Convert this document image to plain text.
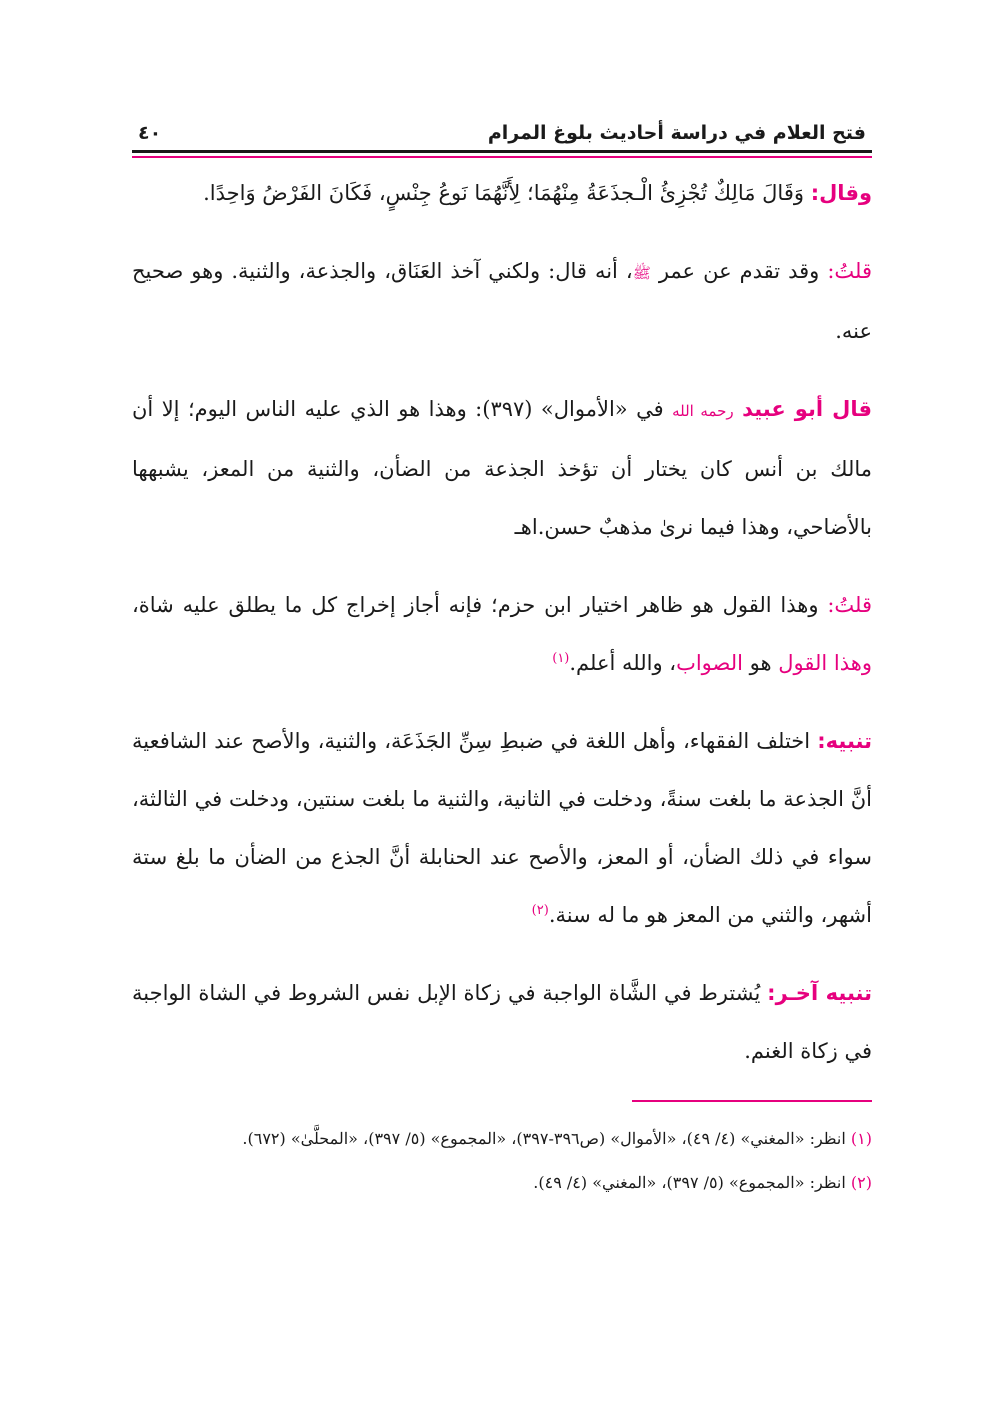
فتح العلام في دراسة أحاديث بلوغ المرام
٤٠

وقال: وَقَالَ مَالِكٌ تُجْزِئُ الْـجذَعَةُ مِنْهُمَا؛ لِأَنَّهُمَا نَوعُ جِنْسٍ، فَكَانَ الفَرْضُ وَاحِدًا.

قلتُ: وقد تقدم عن عمر ﷺ، أنه قال: ولكني آخذ العَنَاق، والجذعة، والثنية. وهو صحيح عنه.

قال أبو عبيد رحمه الله في «الأموال» (٣٩٧): وهذا هو الذي عليه الناس اليوم؛ إلا أن مالك بن أنس كان يختار أن تؤخذ الجذعة من الضأن، والثنية من المعز، يشبهها بالأضاحي، وهذا فيما نرىٰ مذهبٌ حسن.اهـ

قلتُ: وهذا القول هو ظاهر اختيار ابن حزم؛ فإنه أجاز إخراج كل ما يطلق عليه شاة، وهذا القول هو الصواب، والله أعلم.$^{(١)}$

تنبيه: اختلف الفقهاء، وأهل اللغة في ضبطِ سِنِّ الجَذَعَة، والثنية، والأصح عند الشافعية أنَّ الجذعة ما بلغت سنةً، ودخلت في الثانية، والثنية ما بلغت سنتين، ودخلت في الثالثة، سواء في ذلك الضأن، أو المعز، والأصح عند الحنابلة أنَّ الجذع من الضأن ما بلغ ستة أشهر، والثني من المعز هو ما له سنة.$^{(٢)}$

تنبيه آخـر: يُشترط في الشَّاة الواجبة في زكاة الإبل نفس الشروط في الشاة الواجبة في زكاة الغنم.

(١) انظر: «المغني» (٤/ ٤٩)، «الأموال» (ص٣٩٦-٣٩٧)، «المجموع» (٥/ ٣٩٧)، «المحلَّىٰ» (٦٧٢).

(٢) انظر: «المجموع» (٥/ ٣٩٧)، «المغني» (٤/ ٤٩).
